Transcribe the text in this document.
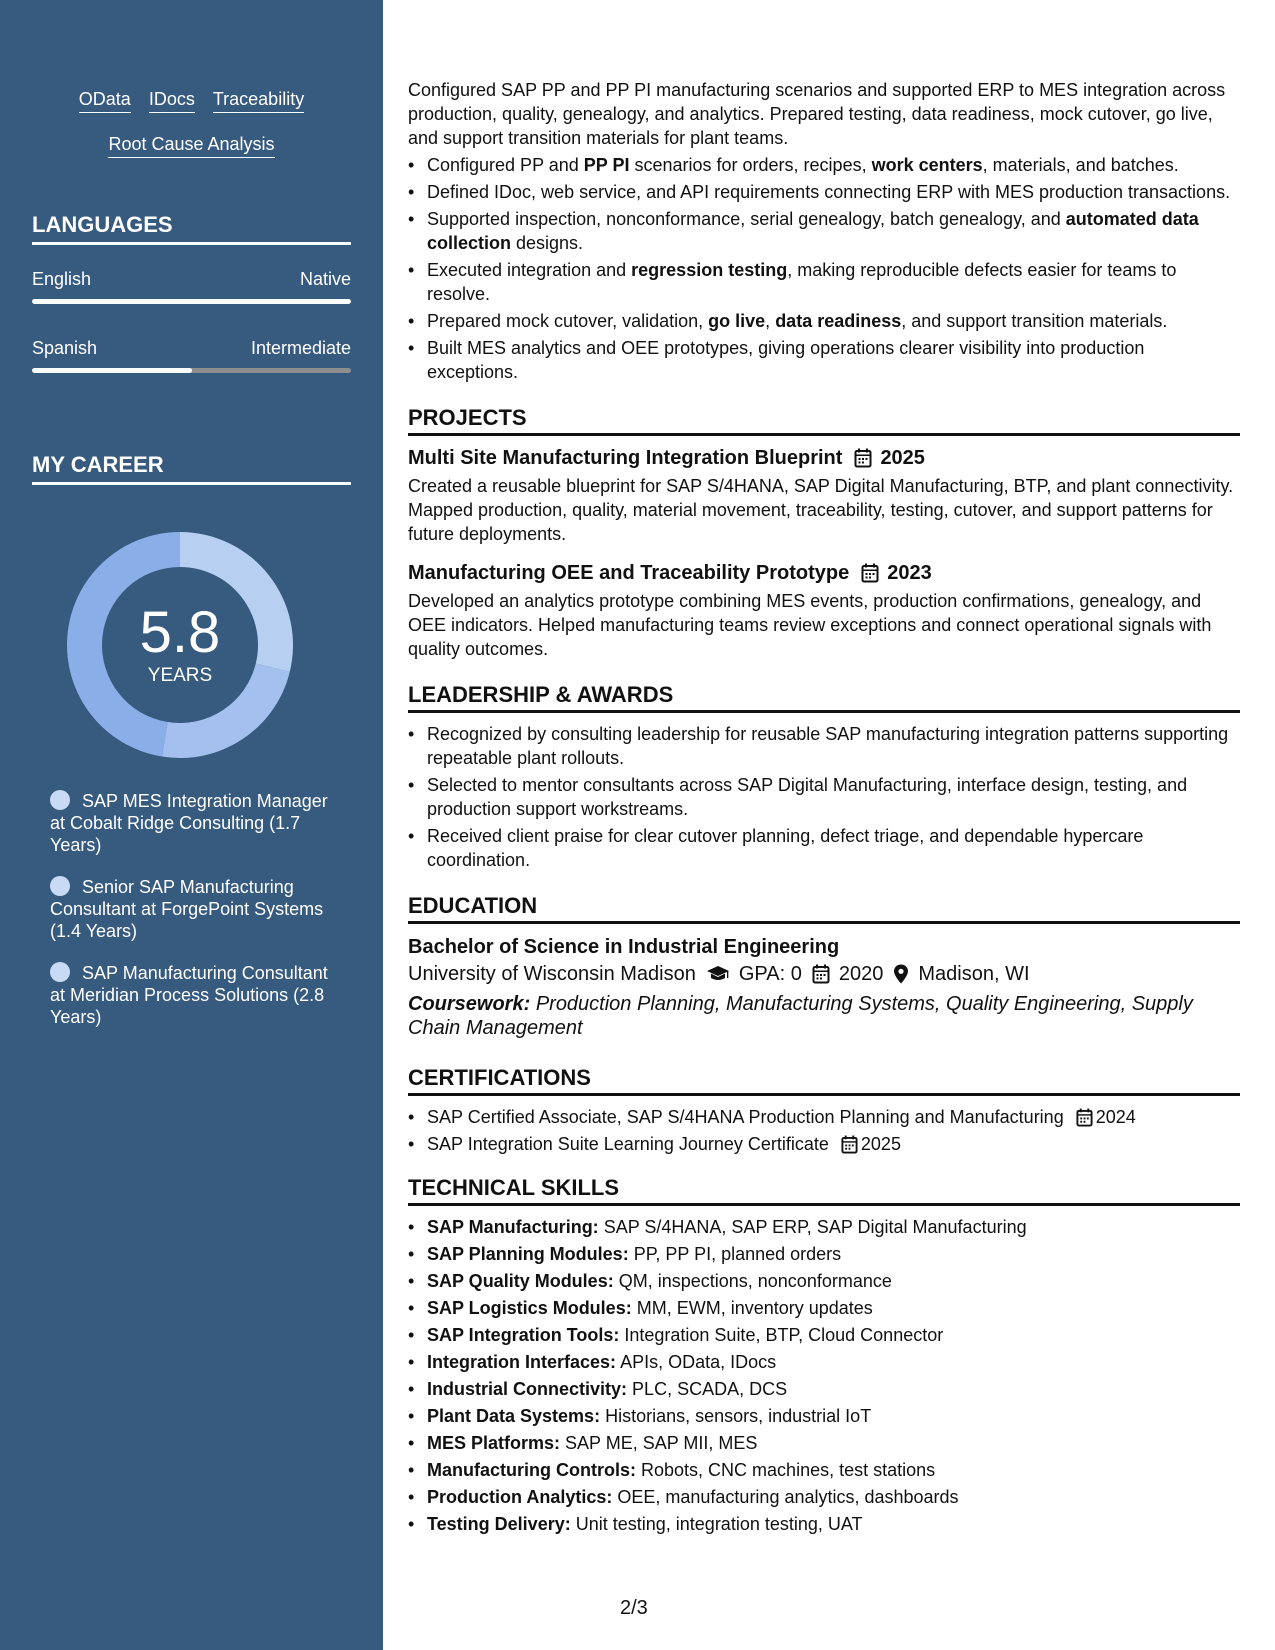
OData IDocs Traceability
Root Cause Analysis
LANGUAGES
English	Native
Spanish	Intermediate
MY CAREER
5.8
YEARS
SAP MES Integration Manager at Cobalt Ridge Consulting (1.7 Years)
Senior SAP Manufacturing Consultant at ForgePoint Systems (1.4 Years)
SAP Manufacturing Consultant at Meridian Process Solutions (2.8 Years)

Configured SAP PP and PP PI manufacturing scenarios and supported ERP to MES integration across production, quality, genealogy, and analytics. Prepared testing, data readiness, mock cutover, go live, and support transition materials for plant teams.

• Configured PP and PP PI scenarios for orders, recipes, work centers, materials, and batches.
• Defined IDoc, web service, and API requirements connecting ERP with MES production transactions.
• Supported inspection, nonconformance, serial genealogy, batch genealogy, and automated data collection designs.
• Executed integration and regression testing, making reproducible defects easier for teams to resolve.
• Prepared mock cutover, validation, go live, data readiness, and support transition materials.
• Built MES analytics and OEE prototypes, giving operations clearer visibility into production exceptions.
PROJECTS
Multi Site Manufacturing Integration Blueprint 2025

Created a reusable blueprint for SAP S/4HANA, SAP Digital Manufacturing, BTP, and plant connectivity. Mapped production, quality, material movement, traceability, testing, cutover, and support patterns for future deployments.

Manufacturing OEE and Traceability Prototype 2023

Developed an analytics prototype combining MES events, production confirmations, genealogy, and OEE indicators. Helped manufacturing teams review exceptions and connect operational signals with quality outcomes.

LEADERSHIP & AWARDS
• Recognized by consulting leadership for reusable SAP manufacturing integration patterns supporting repeatable plant rollouts.
• Selected to mentor consultants across SAP Digital Manufacturing, interface design, testing, and production support workstreams.
• Received client praise for clear cutover planning, defect triage, and dependable hypercare coordination.
EDUCATION
Bachelor of Science in Industrial Engineering
University of Wisconsin Madison GPA: 0 2020 Madison, WI

Coursework: Production Planning, Manufacturing Systems, Quality Engineering, Supply Chain Management

CERTIFICATIONS
• SAP Certified Associate, SAP S/4HANA Production Planning and Manufacturing 2024
• SAP Integration Suite Learning Journey Certificate 2025
TECHNICAL SKILLS
• SAP Manufacturing: SAP S/4HANA, SAP ERP, SAP Digital Manufacturing
• SAP Planning Modules: PP, PP PI, planned orders
• SAP Quality Modules: QM, inspections, nonconformance
• SAP Logistics Modules: MM, EWM, inventory updates
• SAP Integration Tools: Integration Suite, BTP, Cloud Connector
• Integration Interfaces: APIs, OData, IDocs
• Industrial Connectivity: PLC, SCADA, DCS
• Plant Data Systems: Historians, sensors, industrial IoT
• MES Platforms: SAP ME, SAP MII, MES
• Manufacturing Controls: Robots, CNC machines, test stations
• Production Analytics: OEE, manufacturing analytics, dashboards
• Testing Delivery: Unit testing, integration testing, UAT
2/3
